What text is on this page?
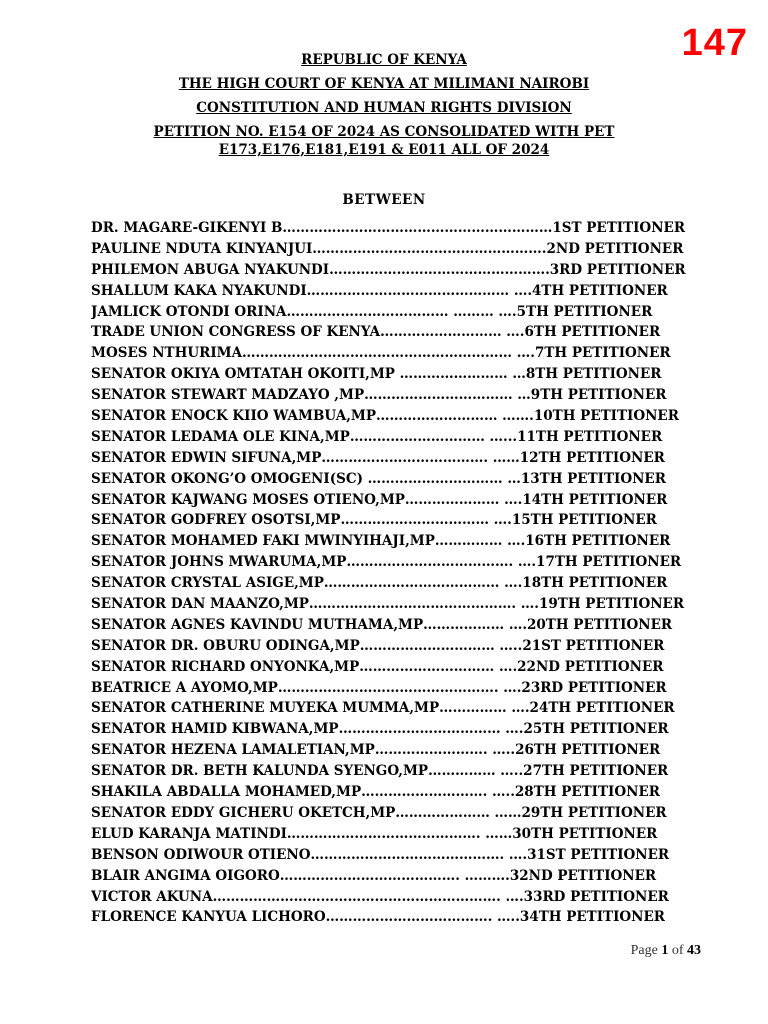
147
REPUBLIC OF KENYA
THE HIGH COURT OF KENYA AT MILIMANI NAIROBI
CONSTITUTION AND HUMAN RIGHTS DIVISION
PETITION NO. E154 OF 2024 AS CONSOLIDATED WITH PET
E173,E176,E181,E191 & E011 ALL OF 2024
BETWEEN
DR. MAGARE-GIKENYI B……………………………………………………1ST PETITIONER
PAULINE NDUTA KINYANJUI…………………………………………….2ND PETITIONER
PHILEMON ABUGA NYAKUNDI………………………………………….3RD PETITIONER
SHALLUM KAKA NYAKUNDI……………………………………… ….4TH PETITIONER
JAMLICK OTONDI ORINA……………………………… ……… ….5TH PETITIONER
TRADE UNION CONGRESS OF KENYA……………………… ….6TH PETITIONER
MOSES NTHURIMA…………………………………………………… ….7TH PETITIONER
SENATOR OKIYA OMTATAH OKOITI,MP …………………… …8TH PETITIONER
SENATOR STEWART MADZAYO ,MP…………………………… …9TH PETITIONER
SENATOR ENOCK KIIO WAMBUA,MP……………………… …….10TH PETITIONER
SENATOR LEDAMA OLE KINA,MP………………………… …...11TH PETITIONER
SENATOR EDWIN SIFUNA,MP………………………………. ……12TH PETITIONER
SENATOR OKONG’O OMOGENI(SC) ………………………… …13TH PETITIONER
SENATOR KAJWANG MOSES OTIENO,MP………………… ….14TH PETITIONER
SENATOR GODFREY OSOTSI,MP…………………………… ….15TH PETITIONER
SENATOR MOHAMED FAKI MWINYIHAJI,MP…………… ….16TH PETITIONER
SENATOR JOHNS MWARUMA,MP………………………………. ….17TH PETITIONER
SENATOR CRYSTAL ASIGE,MP………………………………… ….18TH PETITIONER
SENATOR DAN MAANZO,MP………………………………………. ….19TH PETITIONER
SENATOR AGNES KAVINDU MUTHAMA,MP……………… ….20TH PETITIONER
SENATOR DR. OBURU ODINGA,MP………………………… …..21ST PETITIONER
SENATOR RICHARD ONYONKA,MP………………………… ….22ND PETITIONER
BEATRICE A AYOMO,MP…………………………………………. ….23RD PETITIONER
SENATOR CATHERINE MUYEKA MUMMA,MP…………… ….24TH PETITIONER
SENATOR HAMID KIBWANA,MP……………………………… ….25TH PETITIONER
SENATOR HEZENA LAMALETIAN,MP……………………. …..26TH PETITIONER
SENATOR DR. BETH KALUNDA SYENGO,MP…………… …..27TH PETITIONER
SHAKILA ABDALLA MOHAMED,MP………………………. …..28TH PETITIONER
SENATOR EDDY GICHERU OKETCH,MP………………… ……29TH PETITIONER
ELUD KARANJA MATINDI……………………………………. ……30TH PETITIONER
BENSON ODIWOUR OTIENO……………………………………. ….31ST PETITIONER
BLAIR ANGIMA OIGORO…………………………………. ……….32ND PETITIONER
VICTOR AKUNA………………………………………………………. ….33RD PETITIONER
FLORENCE KANYUA LICHORO………………………………. …..34TH PETITIONER
Page 1 of 43
